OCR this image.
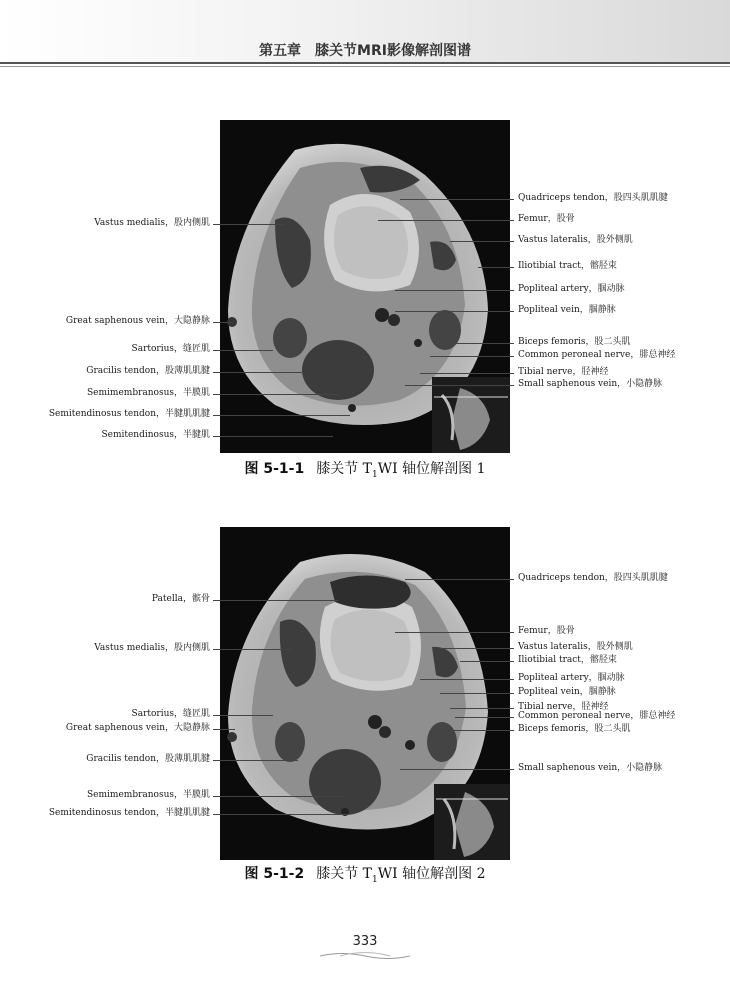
第五章　膝关节MRI影像解剖图谱
Vastus medialis，股内侧肌
Great saphenous vein，大隐静脉
Sartorius，缝匠肌
Gracilis tendon，股薄肌肌腱
Semimembranosus，半膜肌
Semitendinosus tendon，半腱肌肌腱
Semitendinosus，半腱肌
Quadriceps tendon，股四头肌肌腱
Femur，股骨
Vastus lateralis，股外侧肌
Iliotibial tract，髂胫束
Popliteal artery，腘动脉
Popliteal vein，腘静脉
Biceps femoris，股二头肌
Common peroneal nerve，腓总神经
Tibial nerve，胫神经
Small saphenous vein，小隐静脉
图 5-1-1 膝关节 $T_1WI$ 轴位解剖图 1
Patella，髌骨
Vastus medialis，股内侧肌
Sartorius，缝匠肌
Great saphenous vein，大隐静脉
Gracilis tendon，股薄肌肌腱
Semimembranosus，半膜肌
Semitendinosus tendon，半腱肌肌腱
Quadriceps tendon，股四头肌肌腱
Femur，股骨
Vastus lateralis，股外侧肌
Iliotibial tract，髂胫束
Popliteal artery，腘动脉
Popliteal vein，腘静脉
Tibial nerve，胫神经
Common peroneal nerve，腓总神经
Biceps femoris，股二头肌
Small saphenous vein，小隐静脉
图 5-1-2 膝关节 $T_1WI$ 轴位解剖图 2
333
